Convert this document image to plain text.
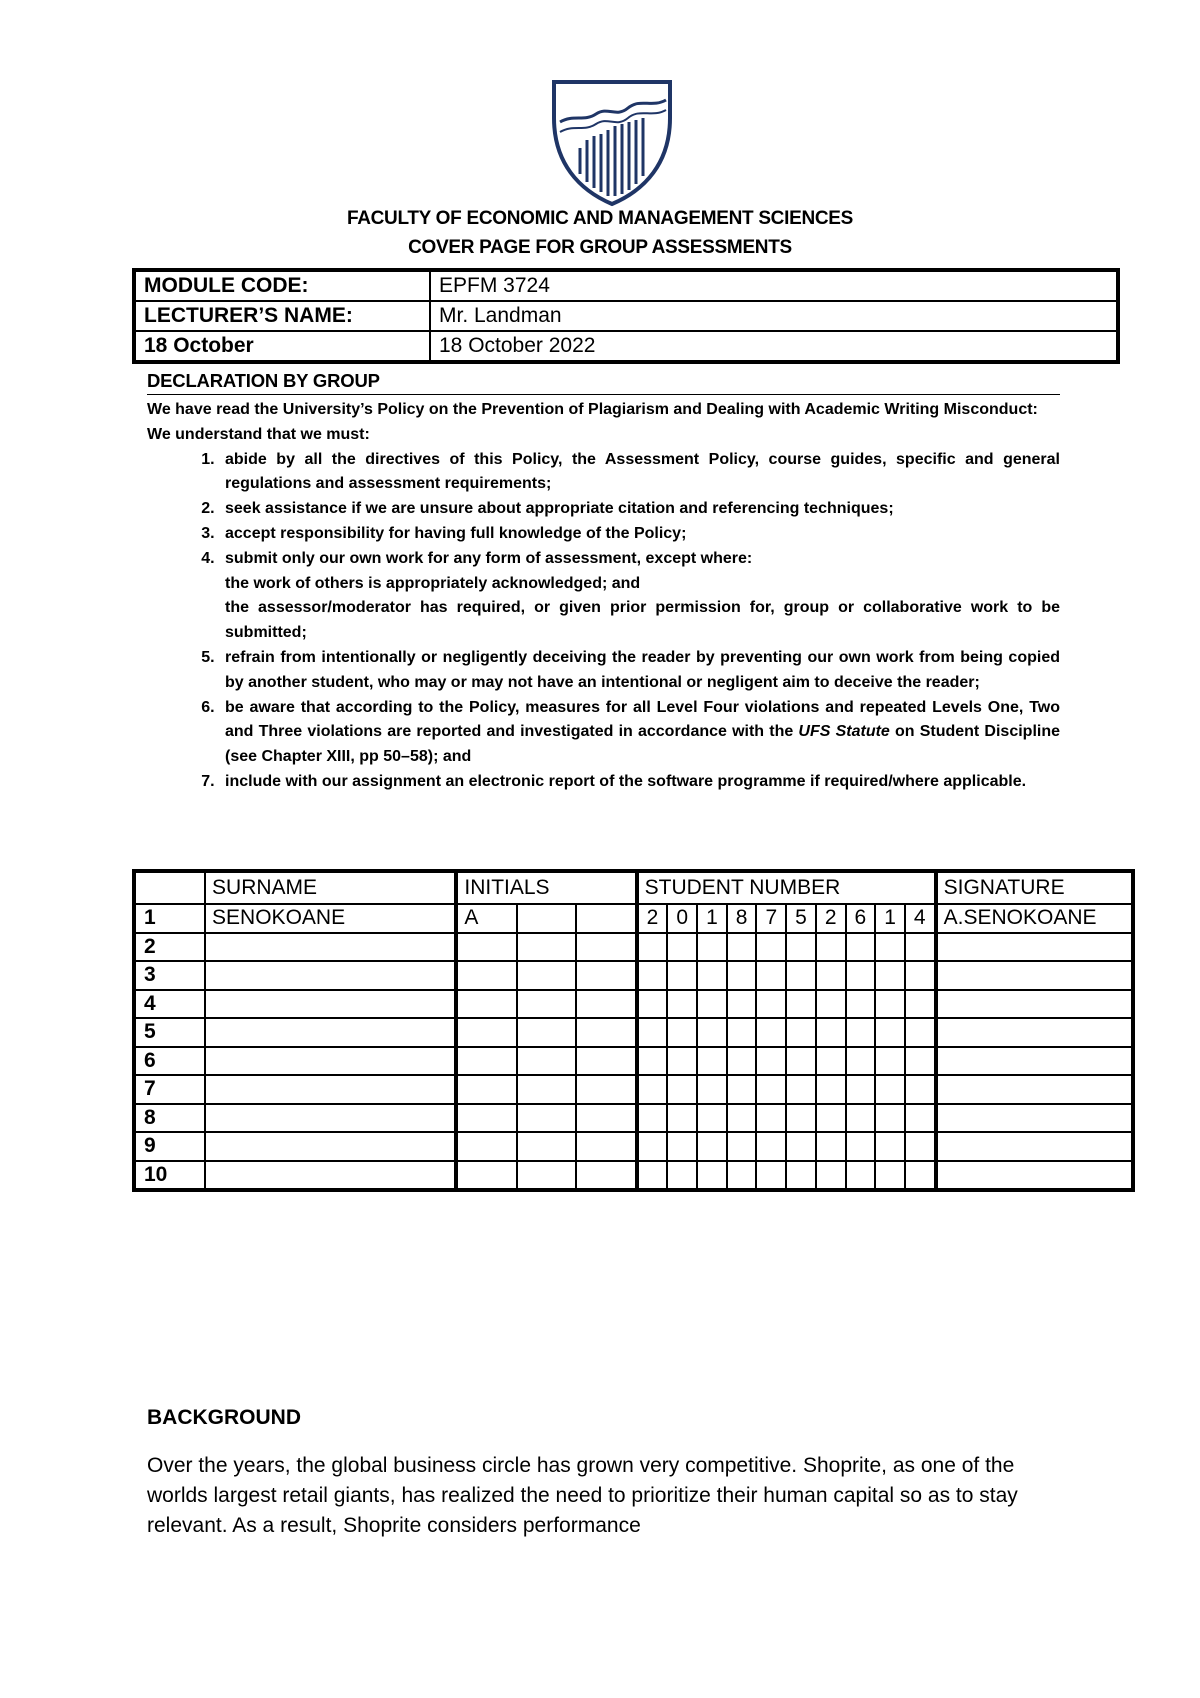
FACULTY OF ECONOMIC AND MANAGEMENT SCIENCES
COVER PAGE FOR GROUP ASSESSMENTS
MODULE CODE:	EPFM 3724
LECTURER’S NAME:	Mr. Landman
18 October	18 October 2022
DECLARATION BY GROUP

We have read the University’s Policy on the Prevention of Plagiarism and Dealing with Academic Writing Misconduct:

We understand that we must:

1. abide by all the directives of this Policy, the Assessment Policy, course guides, specific and general regulations and assessment requirements;
2. seek assistance if we are unsure about appropriate citation and referencing techniques;
3. accept responsibility for having full knowledge of the Policy;
4. submit only our own work for any form of assessment, except where:
the work of others is appropriately acknowledged; and
the assessor/moderator has required, or given prior permission for, group or collaborative work to be submitted;
5. refrain from intentionally or negligently deceiving the reader by preventing our own work from being copied by another student, who may or may not have an intentional or negligent aim to deceive the reader;
6. be aware that according to the Policy, measures for all Level Four violations and repeated Levels One, Two and Three violations are reported and investigated in accordance with the UFS Statute on Student Discipline (see Chapter XIII, pp 50–58); and
7. include with our assignment an electronic report of the software programme if required/where applicable.
	SURNAME	INITIALS			STUDENT NUMBER										SIGNATURE
1	SENOKOANE	A			2	0	1	8	7	5	2	6	1	4	A.SENOKOANE
2															
3															
4															
5															
6															
7															
8															
9															
10															
BACKGROUND

Over the years, the global business circle has grown very competitive. Shoprite, as one of the worlds largest retail giants, has realized the need to prioritize their human capital so as to stay relevant. As a result, Shoprite considers performance
